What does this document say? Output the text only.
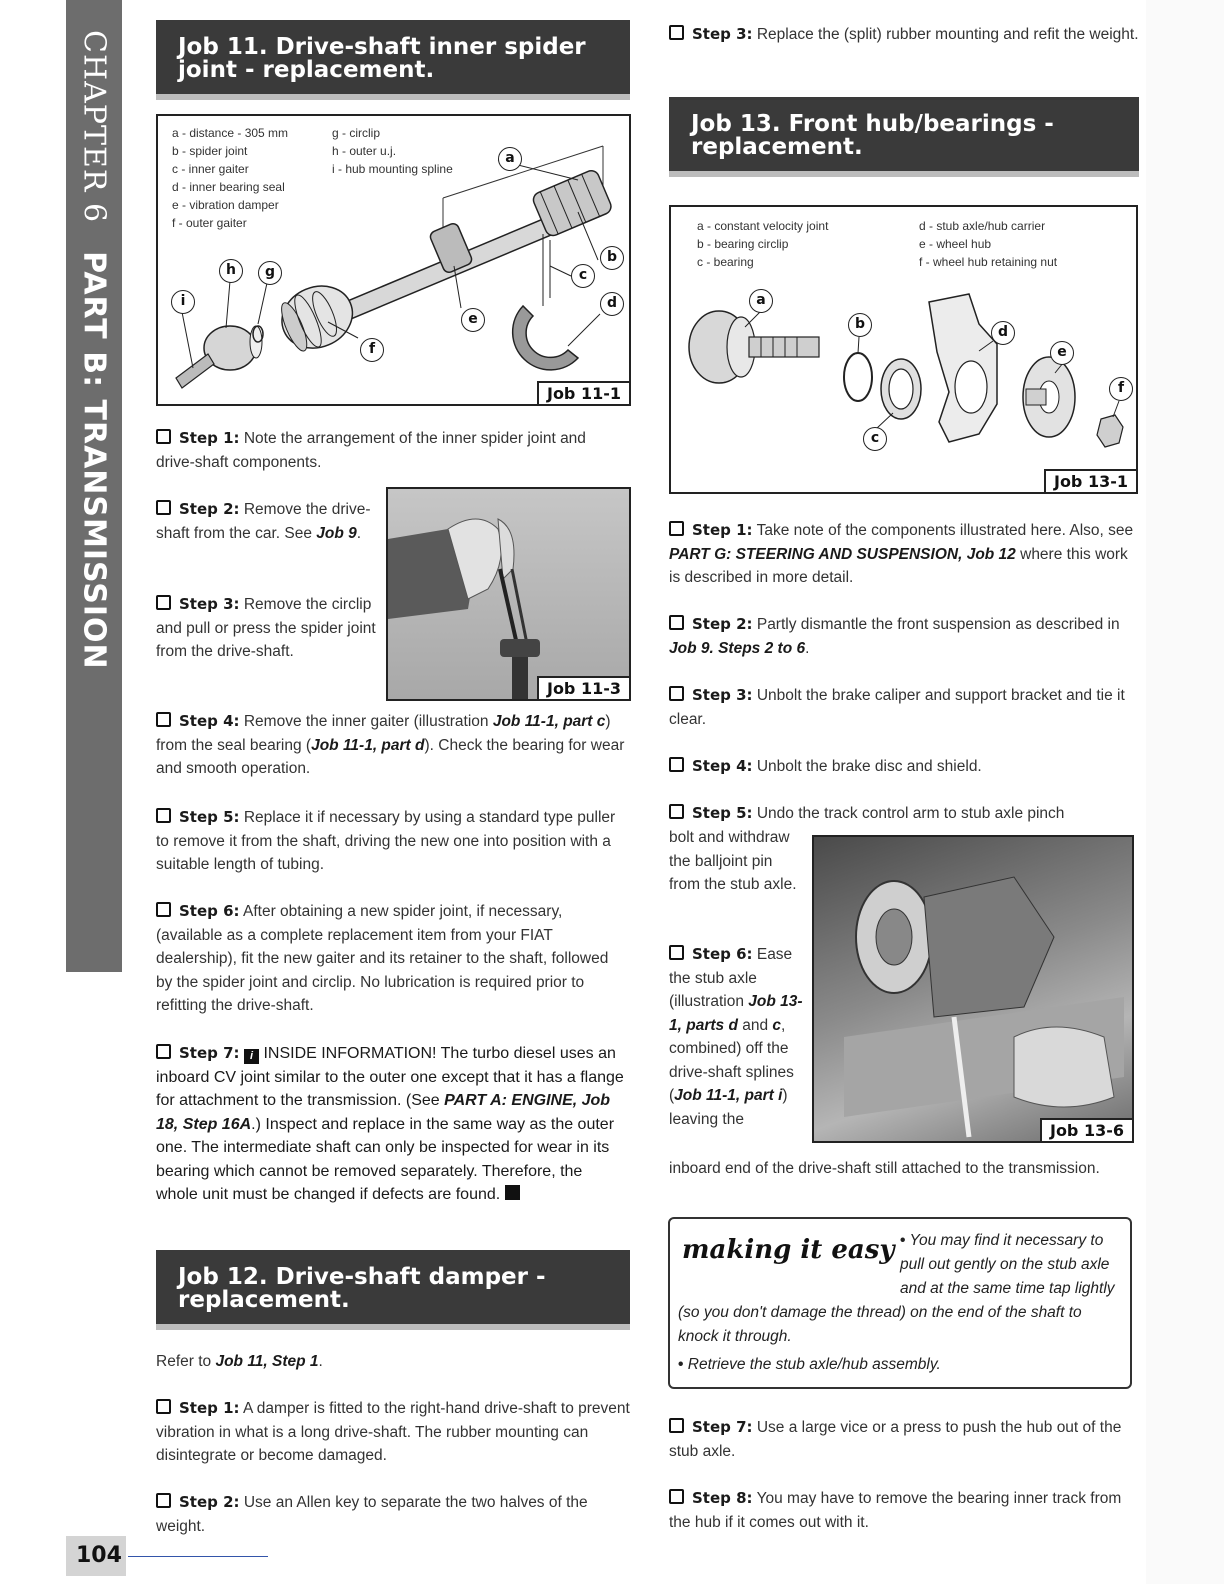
CHAPTER 6PART B: TRANSMISSION
Job 11. Drive-shaft inner spider
joint - replacement.
a - distance - 305 mm
b - spider joint
c - inner gaiter
d - inner bearing seal
e - vibration damper
f - outer gaiter
g - circlip
h - outer u.j.
i - hub mounting spline
a
b
c
d
e
f
g
h
i
Job 11-1
Step 1: Note the arrangement of the inner spider joint and drive-shaft components.
Step 2: Remove the drive-shaft from the car. See Job 9.
Step 3: Remove the circlip and pull or press the spider joint from the drive-shaft.
Job 11-3
Step 4: Remove the inner gaiter (illustration Job 11-1, part c) from the seal bearing (Job 11-1, part d). Check the bearing for wear and smooth operation.
Step 5: Replace it if necessary by using a standard type puller to remove it from the shaft, driving the new one into position with a suitable length of tubing.
Step 6: After obtaining a new spider joint, if necessary, (available as a complete replacement item from your FIAT dealership), fit the new gaiter and its retainer to the shaft, followed by the spider joint and circlip. No lubrication is required prior to refitting the drive-shaft.
Step 7: i INSIDE INFORMATION! The turbo diesel uses an inboard CV joint similar to the outer one except that it has a flange for attachment to the transmission. (See PART A: ENGINE, Job 18, Step 16A.) Inspect and replace in the same way as the outer one. The intermediate shaft can only be inspected for wear in its bearing which cannot be removed separately. Therefore, the whole unit must be changed if defects are found.
Job 12. Drive-shaft damper -
replacement.
Refer to Job 11, Step 1.
Step 1: A damper is fitted to the right-hand drive-shaft to prevent vibration in what is a long drive-shaft. The rubber mounting can disintegrate or become damaged.
Step 2: Use an Allen key to separate the two halves of the weight.
104
Step 3: Replace the (split) rubber mounting and refit the weight.
Job 13. Front hub/bearings -
replacement.
a - constant velocity joint
b - bearing circlip
c - bearing
d - stub axle/hub carrier
e - wheel hub
f - wheel hub retaining nut
a
b
c
d
e
f
Job 13-1
Step 1: Take note of the components illustrated here. Also, see PART G: STEERING AND SUSPENSION, Job 12 where this work is described in more detail.
Step 2: Partly dismantle the front suspension as described in Job 9. Steps 2 to 6.
Step 3: Unbolt the brake caliper and support bracket and tie it clear.
Step 4: Unbolt the brake disc and shield.
Step 5: Undo the track control arm to stub axle pinch
bolt and withdraw the balljoint pin from the stub axle.
Job 13-6
Step 6: Ease the stub axle (illustration Job 13-1, parts d and c, combined) off the drive-shaft splines (Job 11-1, part i) leaving the
inboard end of the drive-shaft still attached to the transmission.
making it easy • You may find it necessary to pull out gently on the stub axle and at the same time tap lightly (so you don't damage the thread) on the end of the shaft to knock it through.
• Retrieve the stub axle/hub assembly.
Step 7: Use a large vice or a press to push the hub out of the stub axle.
Step 8: You may have to remove the bearing inner track from the hub if it comes out with it.
